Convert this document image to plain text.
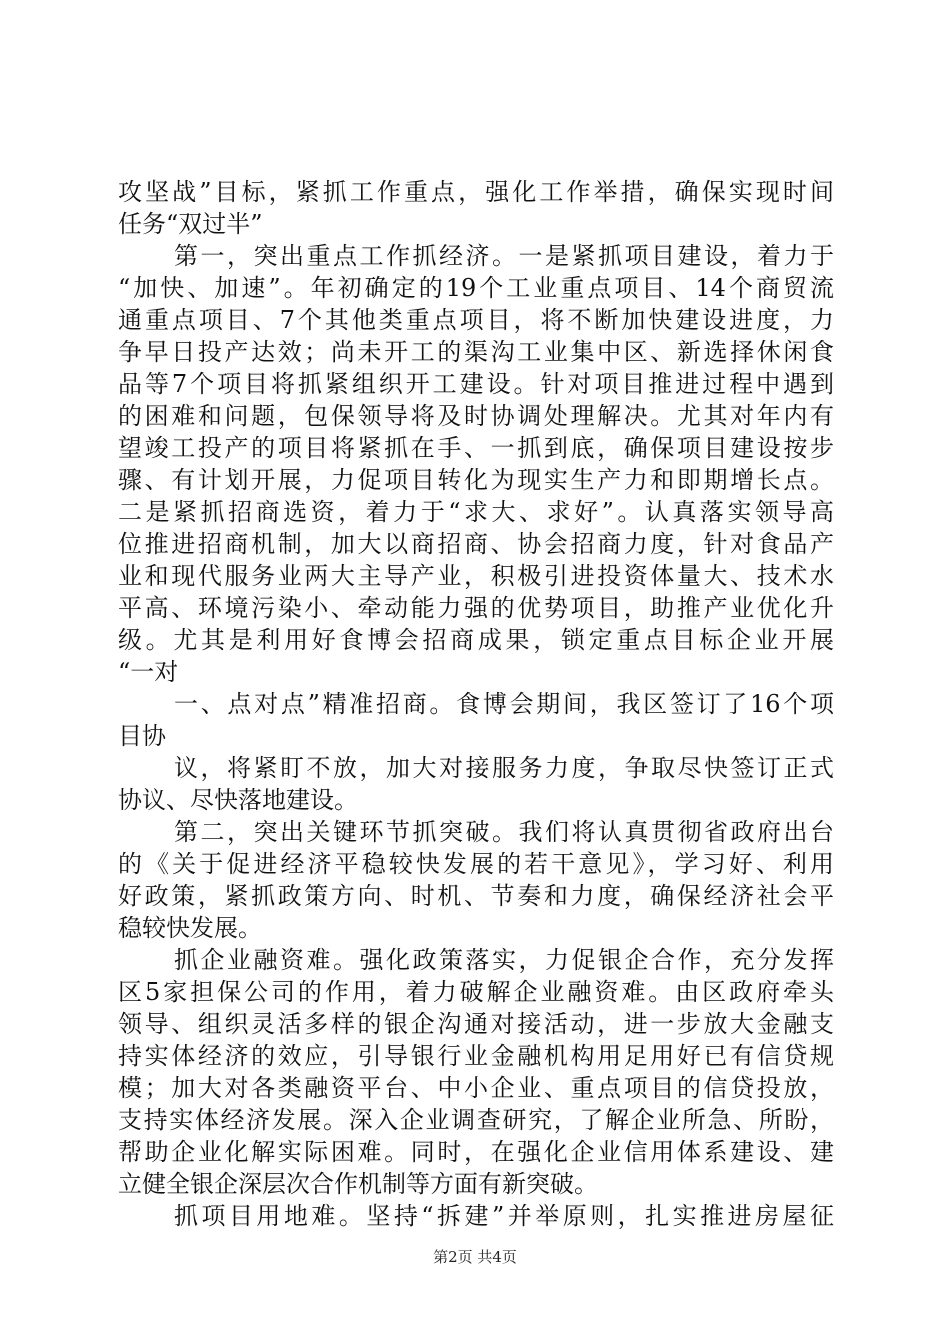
攻坚战”目标，紧抓工作重点，强化工作举措，确保实现时间
任务“双过半”
第一，突出重点工作抓经济。一是紧抓项目建设，着力于
“加快、加速”。年初确定的19个工业重点项目、14个商贸流
通重点项目、7个其他类重点项目，将不断加快建设进度，力
争早日投产达效；尚未开工的渠沟工业集中区、新选择休闲食
品等7个项目将抓紧组织开工建设。针对项目推进过程中遇到
的困难和问题，包保领导将及时协调处理解决。尤其对年内有
望竣工投产的项目将紧抓在手、一抓到底，确保项目建设按步
骤、有计划开展，力促项目转化为现实生产力和即期增长点。
二是紧抓招商选资，着力于“求大、求好”。认真落实领导高
位推进招商机制，加大以商招商、协会招商力度，针对食品产
业和现代服务业两大主导产业，积极引进投资体量大、技术水
平高、环境污染小、牵动能力强的优势项目，助推产业优化升
级。尤其是利用好食博会招商成果，锁定重点目标企业开展
“一对
一、点对点”精准招商。食博会期间，我区签订了16个项
目协
议，将紧盯不放，加大对接服务力度，争取尽快签订正式
协议、尽快落地建设。
第二，突出关键环节抓突破。我们将认真贯彻省政府出台
的《关于促进经济平稳较快发展的若干意见》，学习好、利用
好政策，紧抓政策方向、时机、节奏和力度，确保经济社会平
稳较快发展。
抓企业融资难。强化政策落实，力促银企合作，充分发挥
区5家担保公司的作用，着力破解企业融资难。由区政府牵头
领导、组织灵活多样的银企沟通对接活动，进一步放大金融支
持实体经济的效应，引导银行业金融机构用足用好已有信贷规
模；加大对各类融资平台、中小企业、重点项目的信贷投放，
支持实体经济发展。深入企业调查研究，了解企业所急、所盼，
帮助企业化解实际困难。同时，在强化企业信用体系建设、建
立健全银企深层次合作机制等方面有新突破。
抓项目用地难。坚持“拆建”并举原则，扎实推进房屋征
第2页 共4页
